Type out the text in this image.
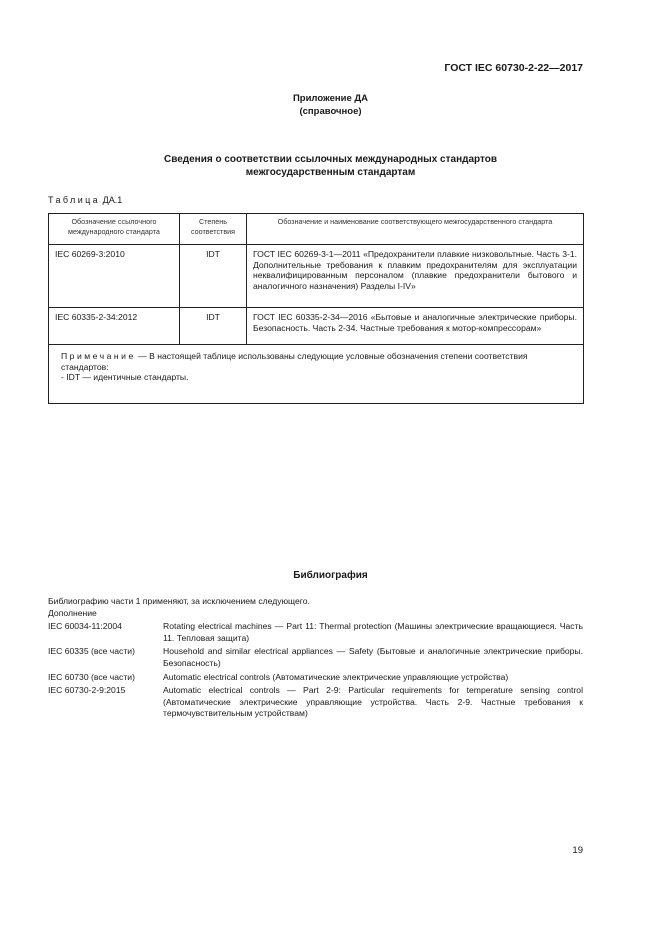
ГОСТ IEC 60730-2-22—2017
Приложение ДА
(справочное)
Сведения о соответствии ссылочных международных стандартов
межгосударственным стандартам
Таблица ДА.1
Обозначение ссылочного международного стандарта	Степень соответствия	Обозначение и наименование соответствующего межгосударственного стандарта
IEC 60269-3:2010	IDT	ГОСТ IEC 60269-3-1—2011 «Предохранители плавкие низковольтные. Часть 3-1. Дополнительные требования к плавким предохранителям для эксплуатации неквалифицированным персоналом (плавкие предохранители бытового и аналогичного назначения) Разделы I-IV»
IEC 60335-2-34:2012	IDT	ГОСТ IEC 60335-2-34—2016 «Бытовые и аналогичные электрические приборы. Безопасность. Часть 2-34. Частные требования к мотор-компрессорам»

Примечание — В настоящей таблице использованы следующие условные обозначения степени соответствия стандартов:
- IDT — идентичные стандарты.		
Библиография
Библиографию части 1 применяют, за исключением следующего.
Дополнение
IEC 60034-11:2004	Rotating electrical machines — Part 11: Thermal protection (Машины электрические вращающиеся. Часть 11. Тепловая защита)
IEC 60335 (все части)	Household and similar electrical appliances — Safety (Бытовые и аналогичные электрические приборы. Безопасность)
IEC 60730 (все части)	Automatic electrical controls (Автоматические электрические управляющие устройства)
IEC 60730-2-9:2015	Automatic electrical controls — Part 2-9: Particular requirements for temperature sensing control (Автоматические электрические управляющие устройства. Часть 2-9. Частные требования к термочувствительным устройствам)
19
